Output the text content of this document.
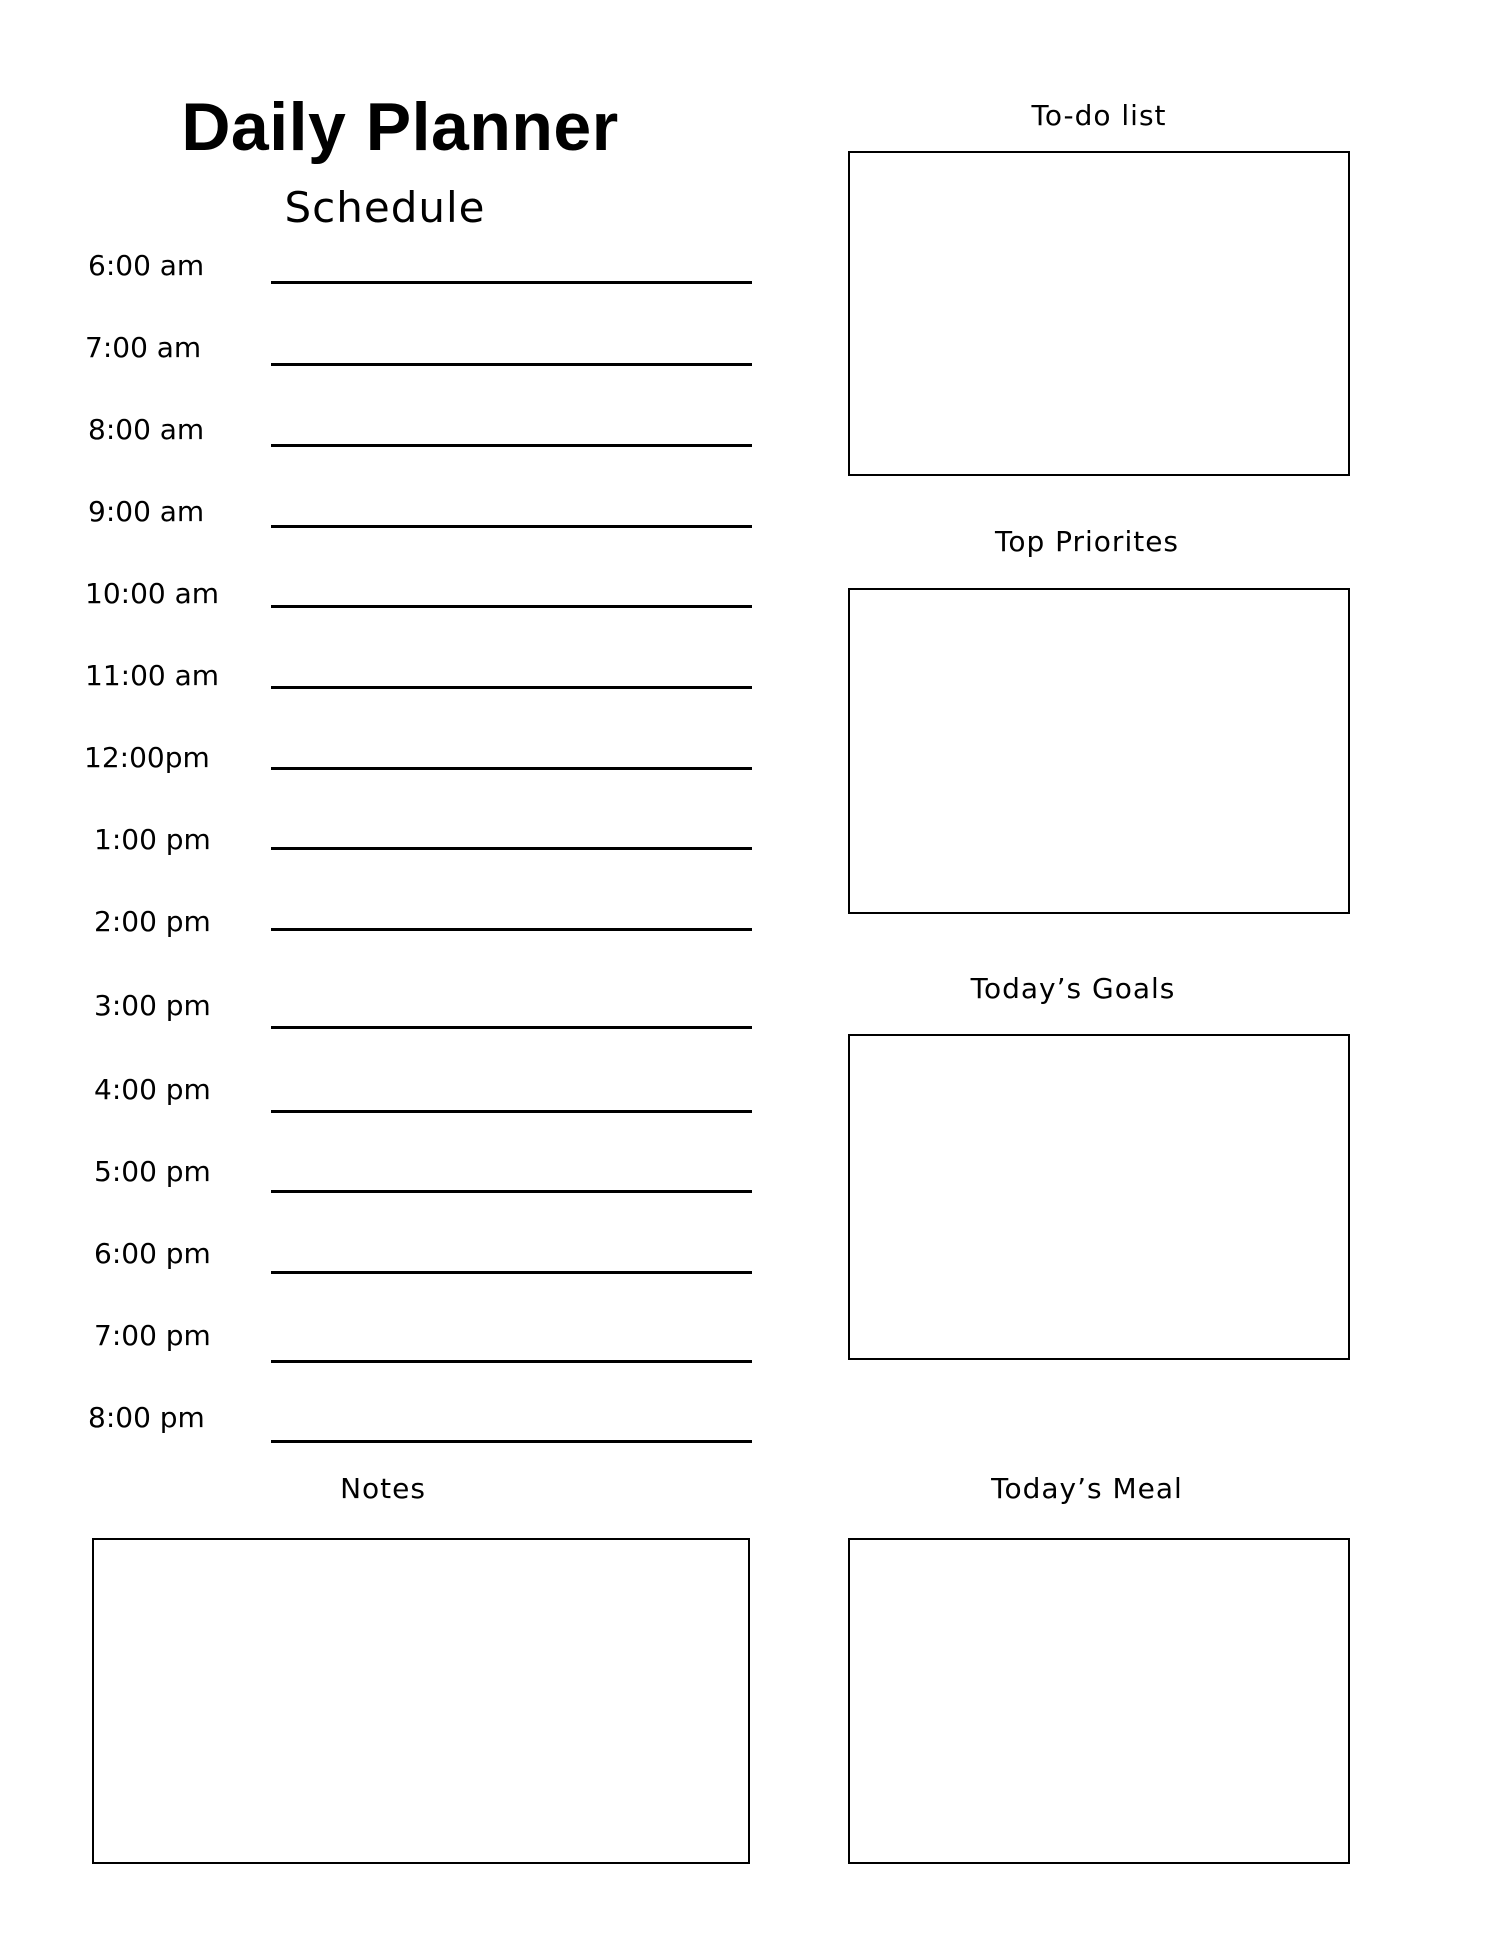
Daily Planner
Schedule
6:00 am
7:00 am
8:00 am
9:00 am
10:00 am
11:00 am
12:00pm
1:00 pm
2:00 pm
3:00 pm
4:00 pm
5:00 pm
6:00 pm
7:00 pm
8:00 pm
To-do list
Top Priorites
Today’s Goals
Notes	Today’s Meal
